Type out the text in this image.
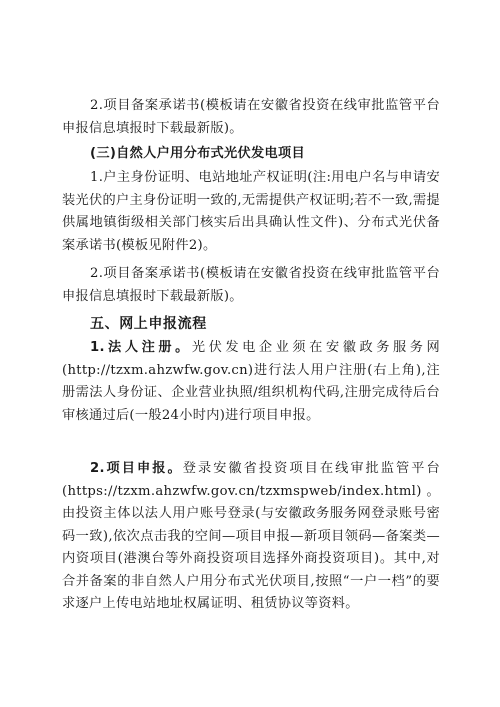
2.项目备案承诺书(模板请在安徽省投资在线审批监管平台申报信息填报时下载最新版)。

(三)自然人户用分布式光伏发电项目

1.户主身份证明、电站地址产权证明(注:用电户名与申请安装光伏的户主身份证明一致的,无需提供产权证明;若不一致,需提供属地镇街级相关部门核实后出具确认性文件)、分布式光伏备案承诺书(模板见附件2)。

2.项目备案承诺书(模板请在安徽省投资在线审批监管平台申报信息填报时下载最新版)。

五、网上申报流程

1.法人注册。光伏发电企业须在安徽政务服务网(http://tzxm.ahzwfw.gov.cn)进行法人用户注册(右上角),注册需法人身份证、企业营业执照/组织机构代码,注册完成待后台审核通过后(一般24小时内)进行项目申报。

2.项目申报。登录安徽省投资项目在线审批监管平台(https://tzxm.ahzwfw.gov.cn/tzxmspweb/index.html)。 由投资主体以法人用户账号登录(与安徽政务服务网登录账号密码一致),依次点击我的空间—项目申报—新项目领码—备案类—内资项目(港澳台等外商投资项目选择外商投资项目)。其中,对合并备案的非自然人户用分布式光伏项目,按照“一户一档”的要求逐户上传电站地址权属证明、租赁协议等资料。
